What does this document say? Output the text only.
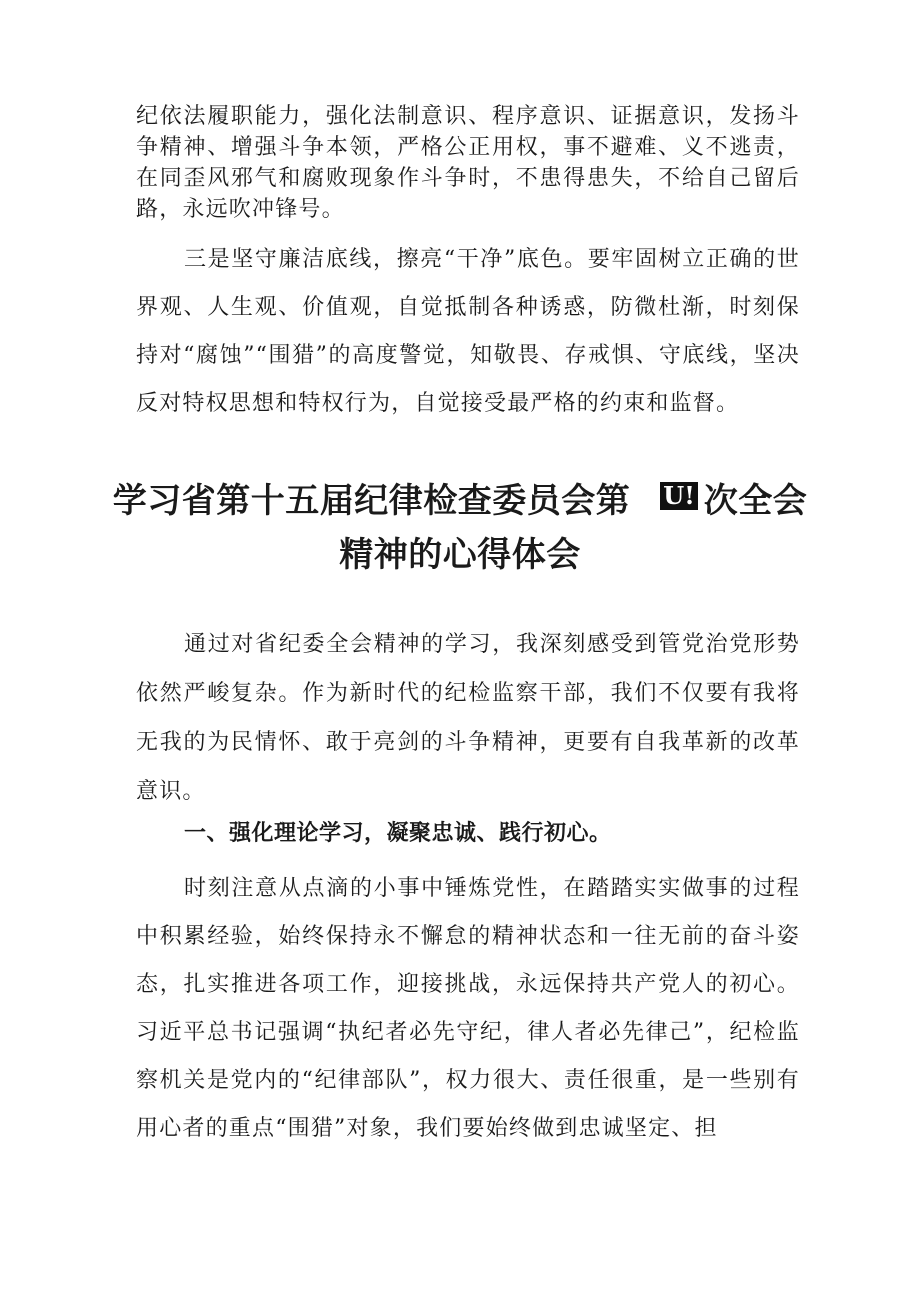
纪依法履职能力，强化法制意识、程序意识、证据意识，发扬斗争精神、增强斗争本领，严格公正用权，事不避难、义不逃责，在同歪风邪气和腐败现象作斗争时，不患得患失，不给自己留后路，永远吹冲锋号。

三是坚守廉洁底线，擦亮“干净”底色。要牢固树立正确的世界观、人生观、价值观，自觉抵制各种诱惑，防微杜渐，时刻保持对“腐蚀”“围猎”的高度警觉，知敬畏、存戒惧、守底线，坚决反对特权思想和特权行为，自觉接受最严格的约束和监督。

学习省第十五届纪律检查委员会第 U! 次全会精神的心得体会

通过对省纪委全会精神的学习，我深刻感受到管党治党形势依然严峻复杂。作为新时代的纪检监察干部，我们不仅要有我将无我的为民情怀、敢于亮剑的斗争精神，更要有自我革新的改革意识。

一、强化理论学习，凝聚忠诚、践行初心。

时刻注意从点滴的小事中锤炼党性，在踏踏实实做事的过程中积累经验，始终保持永不懈怠的精神状态和一往无前的奋斗姿态，扎实推进各项工作，迎接挑战，永远保持共产党人的初心。习近平总书记强调“执纪者必先守纪，律人者必先律己”，纪检监察机关是党内的“纪律部队”，权力很大、责任很重，是一些别有用心者的重点“围猎”对象，我们要始终做到忠诚坚定、担
